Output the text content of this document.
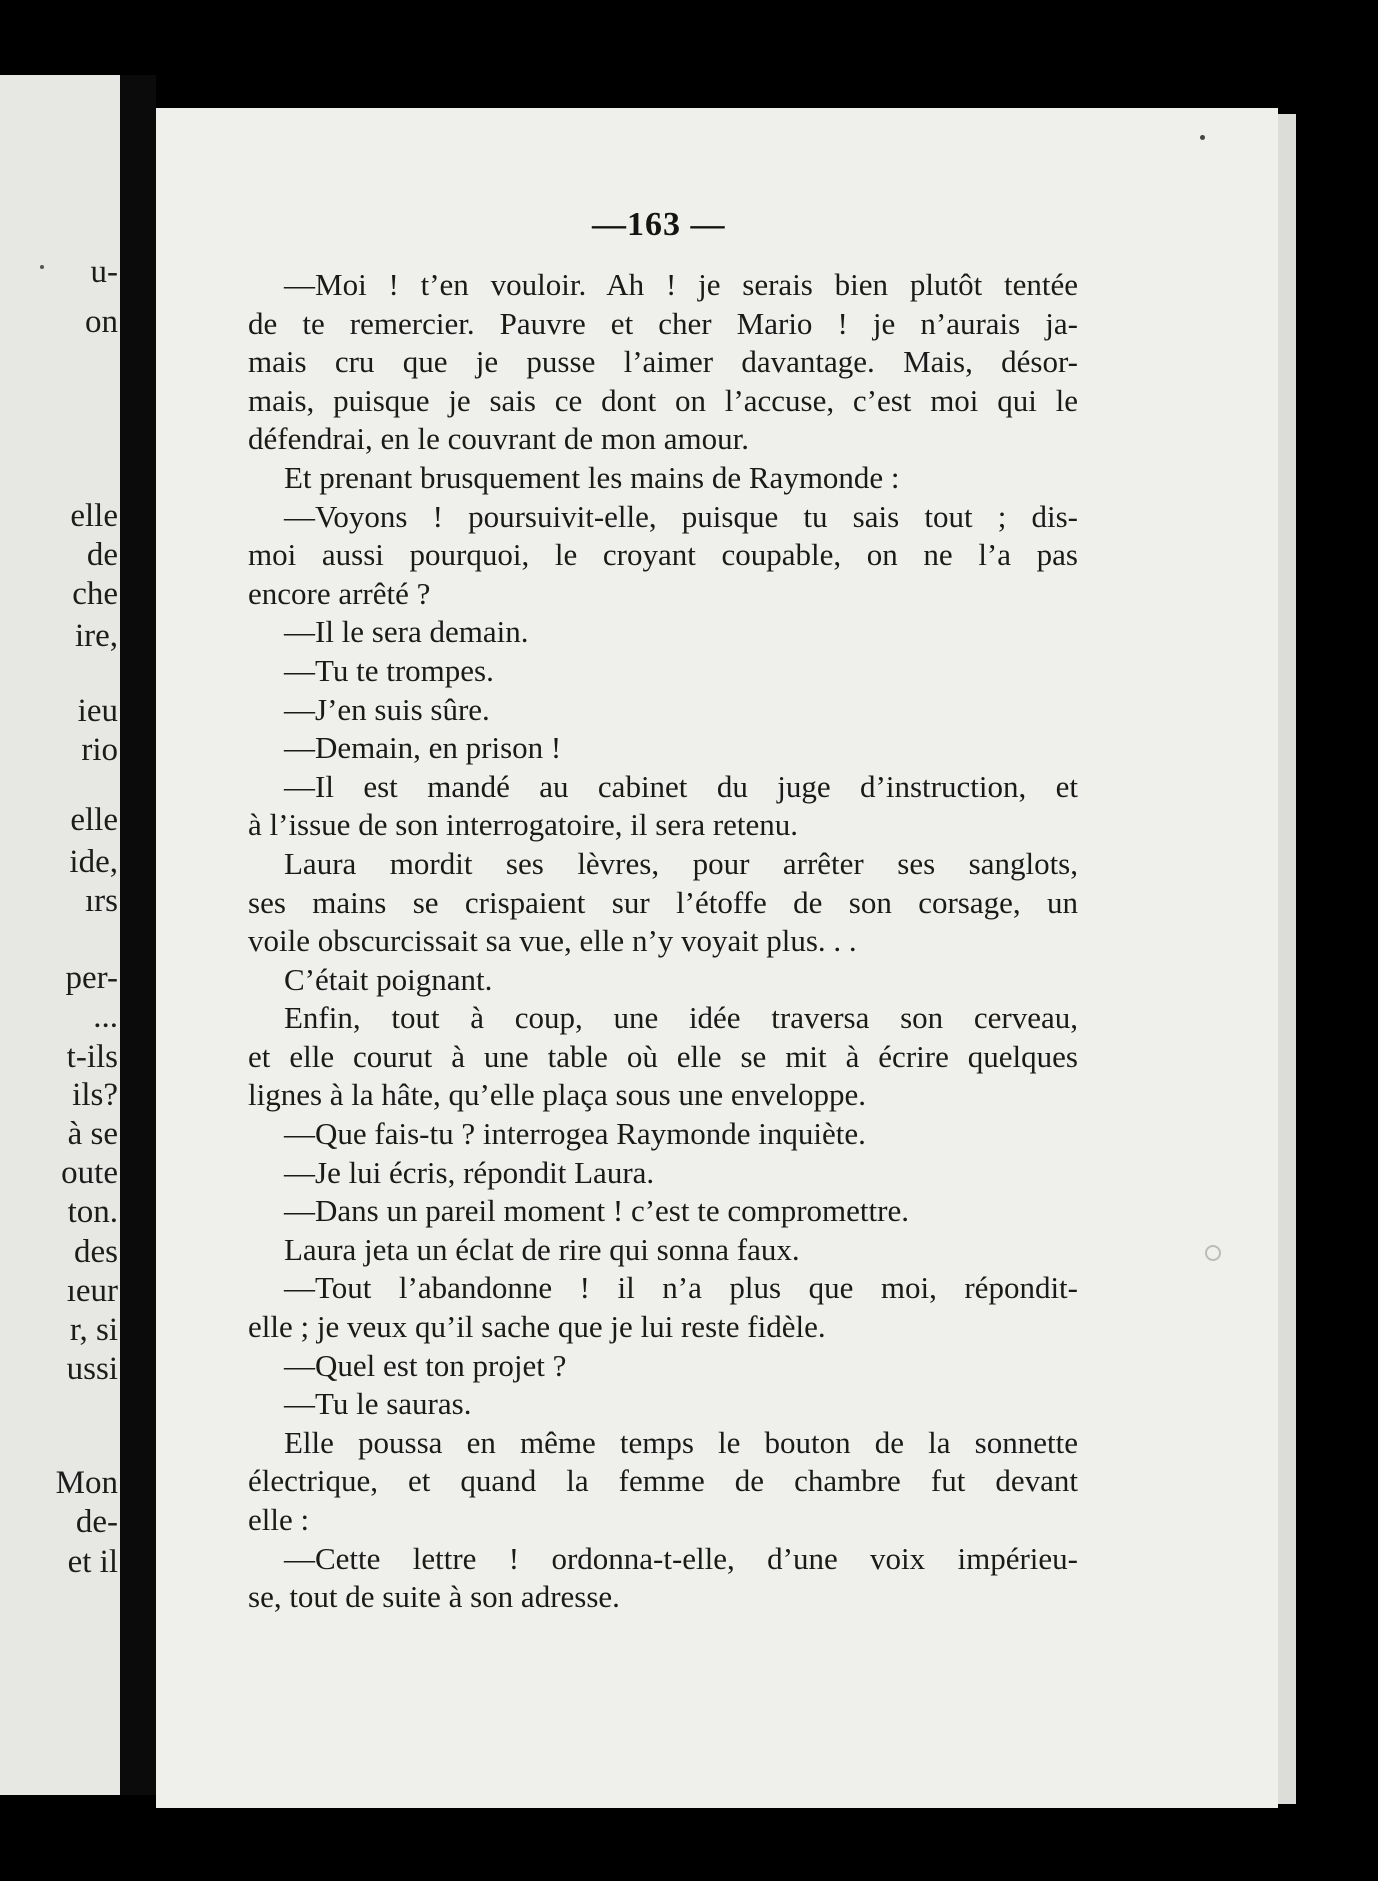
u-
on
elle
de
che
ire,
ieu
rio
elle
ide,
ırs
per-
...
t-ils
ils?
à se
oute
ton.
des
ıeur
r, si
ussi
Mon
de-
et il
—163 —
—Moi ! t’en vouloir. Ah ! je serais bien plutôt tentée
de te remercier. Pauvre et cher Mario ! je n’aurais ja-
mais cru que je pusse l’aimer davantage. Mais, désor-
mais, puisque je sais ce dont on l’accuse, c’est moi qui le
défendrai, en le couvrant de mon amour.
Et prenant brusquement les mains de Raymonde :
—Voyons ! poursuivit-elle, puisque tu sais tout ; dis-
moi aussi pourquoi, le croyant coupable, on ne l’a pas
encore arrêté ?
—Il le sera demain.
—Tu te trompes.
—J’en suis sûre.
—Demain, en prison !
—Il est mandé au cabinet du juge d’instruction, et
à l’issue de son interrogatoire, il sera retenu.
Laura mordit ses lèvres, pour arrêter ses sanglots,
ses mains se crispaient sur l’étoffe de son corsage, un
voile obscurcissait sa vue, elle n’y voyait plus. . .
C’était poignant.
Enfin, tout à coup, une idée traversa son cerveau,
et elle courut à une table où elle se mit à écrire quelques
lignes à la hâte, qu’elle plaça sous une enveloppe.
—Que fais-tu ? interrogea Raymonde inquiète.
—Je lui écris, répondit Laura.
—Dans un pareil moment ! c’est te compromettre.
Laura jeta un éclat de rire qui sonna faux.
—Tout l’abandonne ! il n’a plus que moi, répondit-
elle ; je veux qu’il sache que je lui reste fidèle.
—Quel est ton projet ?
—Tu le sauras.
Elle poussa en même temps le bouton de la sonnette
électrique, et quand la femme de chambre fut devant
elle :
—Cette lettre ! ordonna-t-elle, d’une voix impérieu-
se, tout de suite à son adresse.
